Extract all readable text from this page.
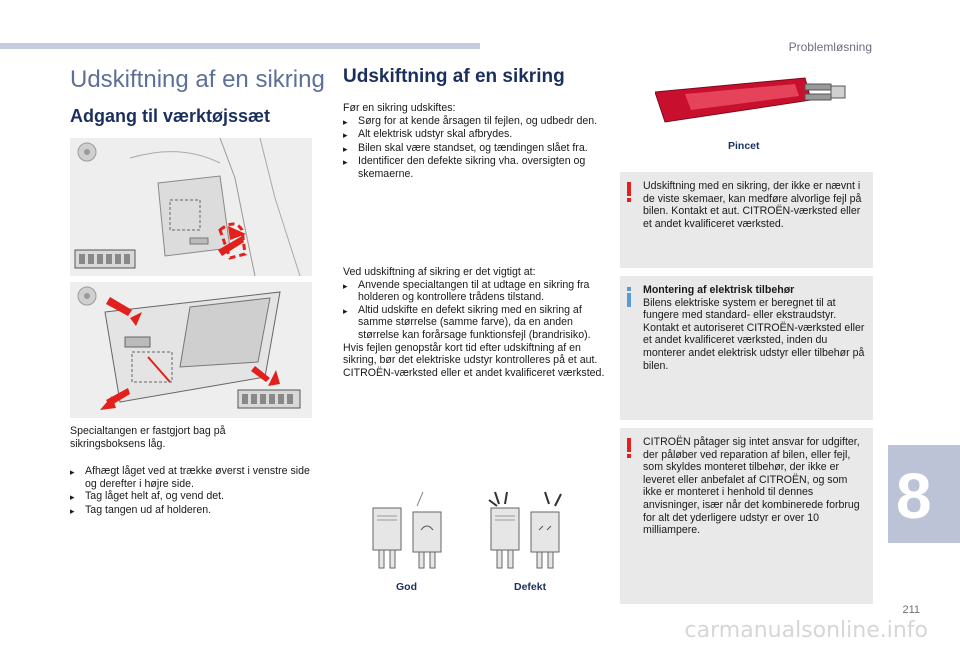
Problemløsning
Udskiftning af en sikring
Adgang til værktøjssæt
Specialtangen er fastgjort bag på sikringsboksens låg.
▸ Afhægt låget ved at trække øverst i venstre side og derefter i højre side.
▸ Tag låget helt af, og vend det.
▸ Tag tangen ud af holderen.
Udskiftning af en sikring
Før en sikring udskiftes:
▸ Sørg for at kende årsagen til fejlen, og udbedr den.
▸ Alt elektrisk udstyr skal afbrydes.
▸ Bilen skal være standset, og tændingen slået fra.
▸ Identificer den defekte sikring vha. oversigten og skemaerne.
Ved udskiftning af sikring er det vigtigt at:
▸ Anvende specialtangen til at udtage en sikring fra holderen og kontrollere trådens tilstand.
▸ Altid udskifte en defekt sikring med en sikring af samme størrelse (samme farve), da en anden størrelse kan forårsage funktionsfejl (brandrisiko).
Hvis fejlen genopstår kort tid efter udskiftning af en sikring, bør det elektriske udstyr kontrolleres på et aut. CITROËN-værksted eller et andet kvalificeret værksted.
God	Defekt
Pincet
Udskiftning med en sikring, der ikke er nævnt i de viste skemaer, kan medføre alvorlige fejl på bilen. Kontakt et aut. CITROËN-værksted eller et andet kvalificeret værksted.
Montering af elektrisk tilbehør
Bilens elektriske system er beregnet til at fungere med standard- eller ekstraudstyr. Kontakt et autoriseret CITROËN-værksted eller et andet kvalificeret værksted, inden du monterer andet elektrisk udstyr eller tilbehør på bilen.
CITROËN påtager sig intet ansvar for udgifter, der påløber ved reparation af bilen, eller fejl, som skyldes monteret tilbehør, der ikke er leveret eller anbefalet af CITROËN, og som ikke er monteret i henhold til dennes anvisninger, især når det kombinerede forbrug for alt det yderligere udstyr er over 10 milliampere.	8
211
carmanualsonline.info
